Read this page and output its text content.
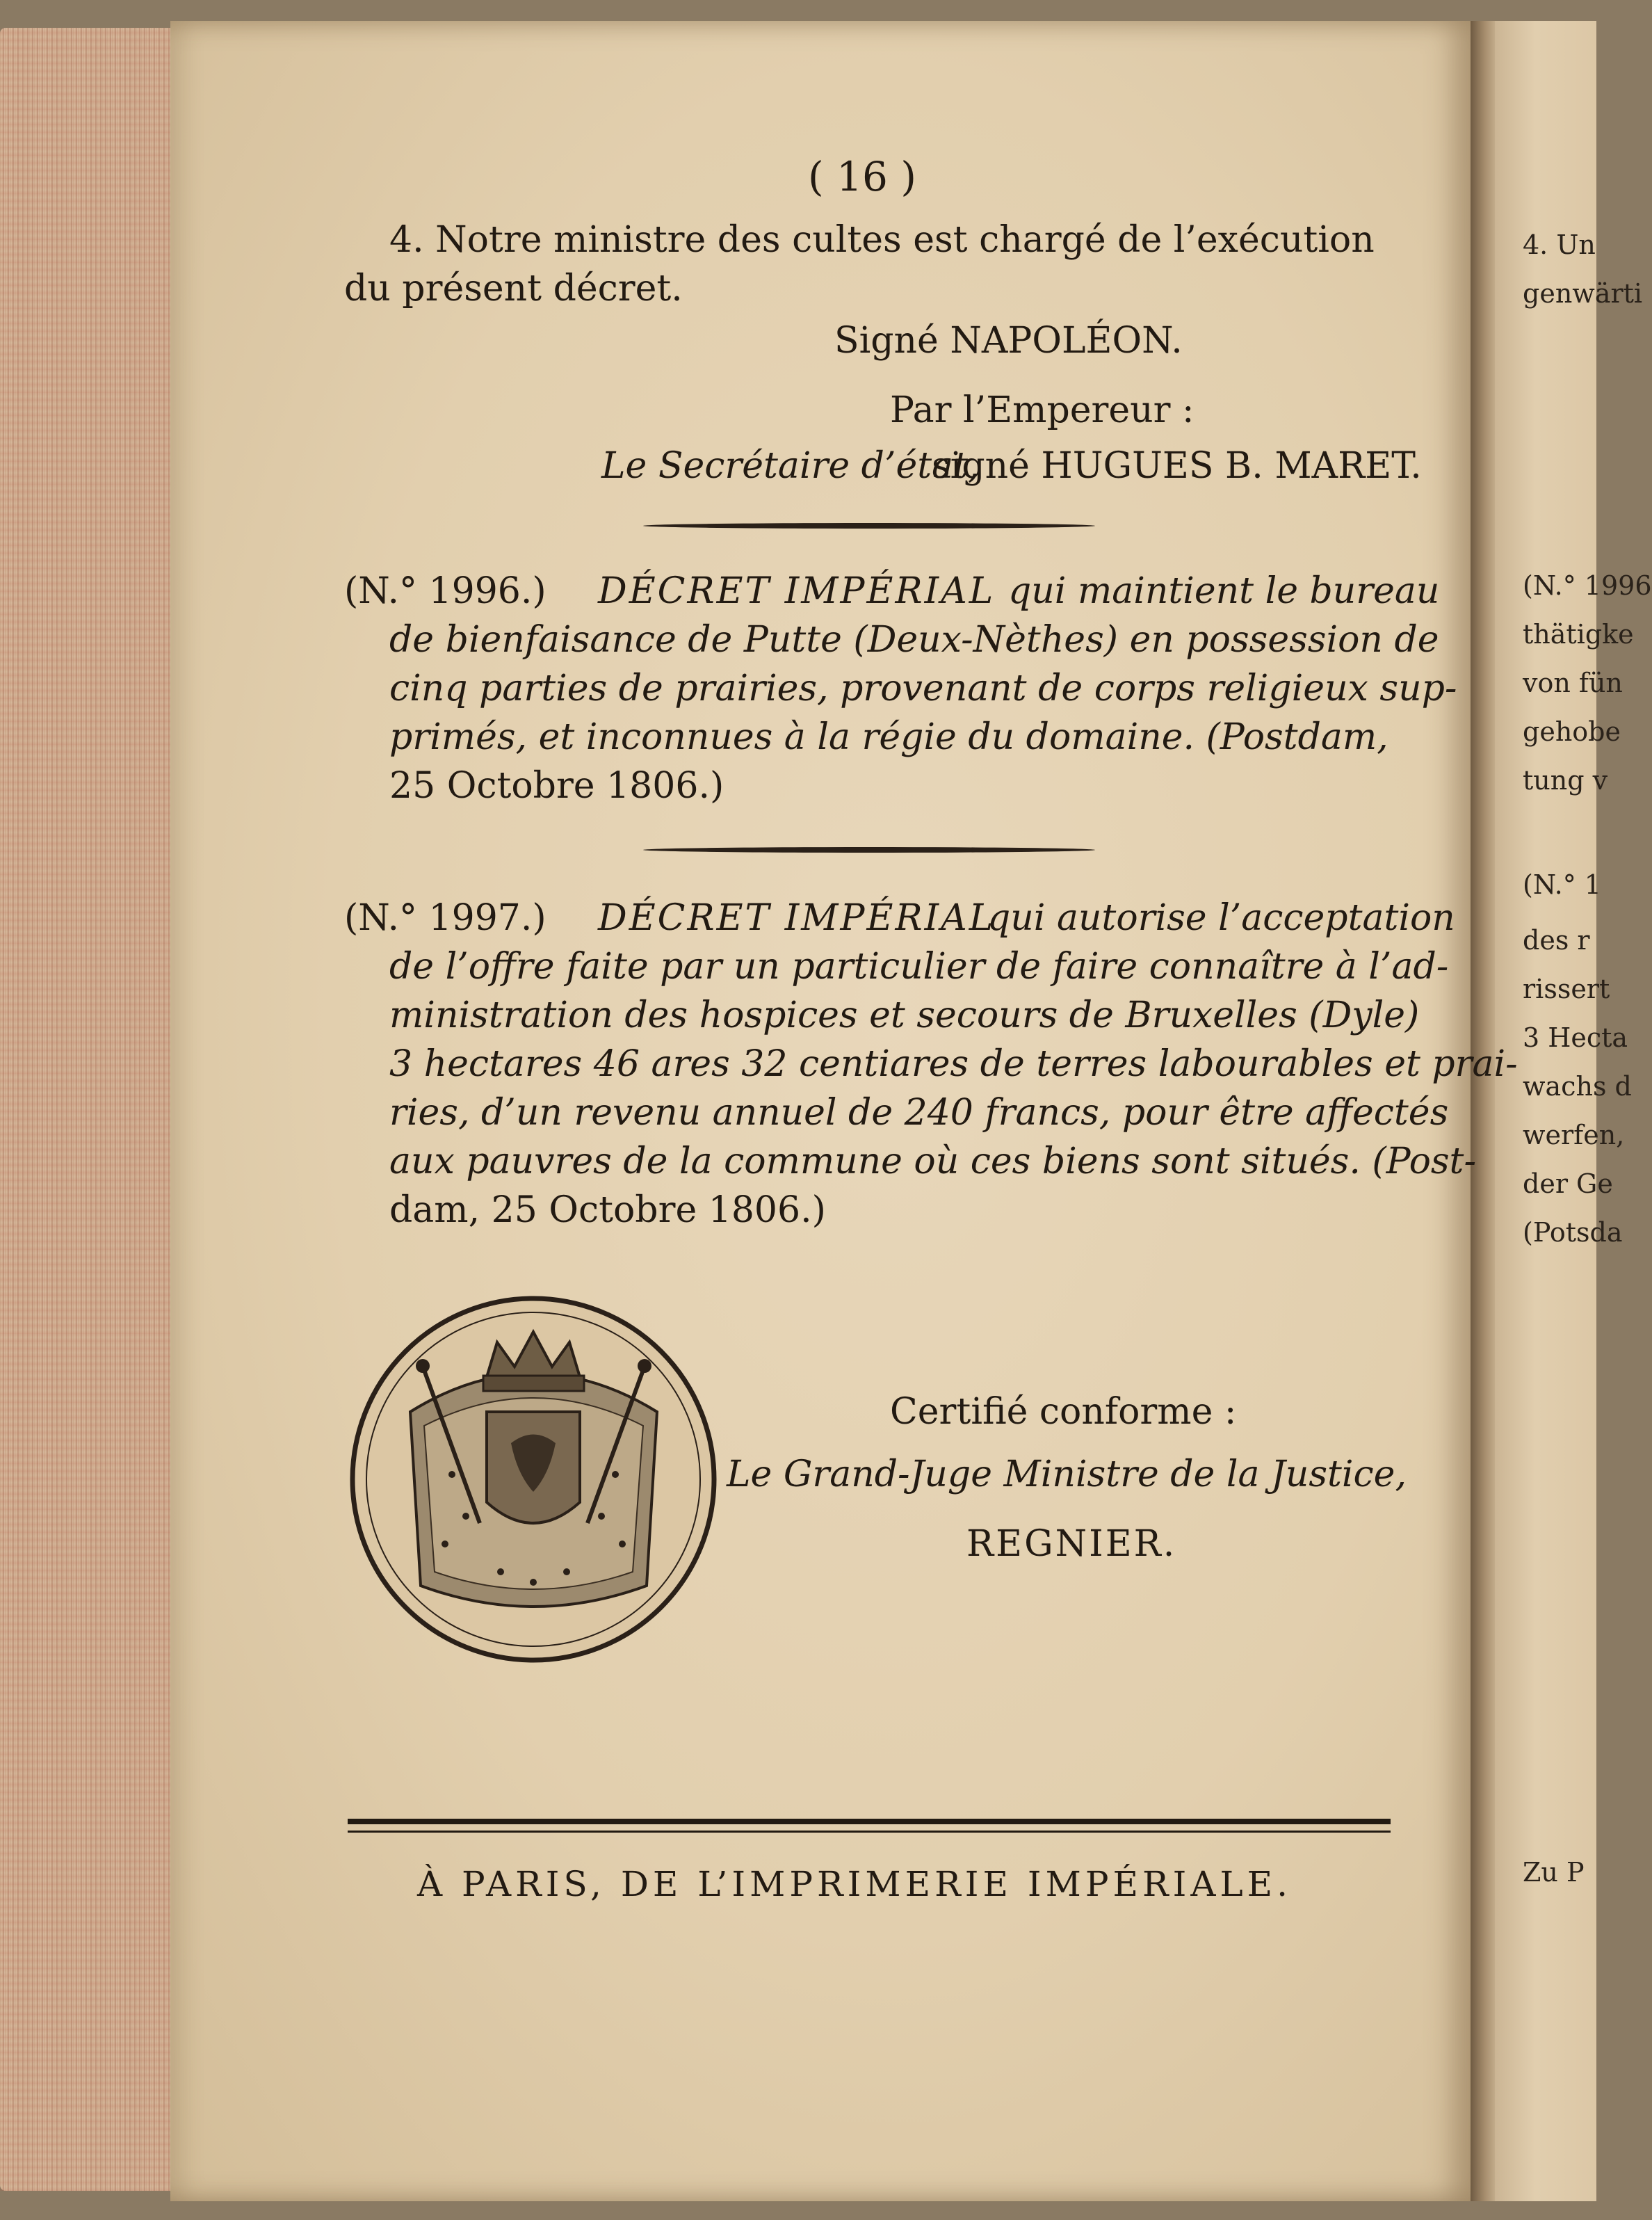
4. Un
genwärti
(N.° 1996
thätigke
von fün
gehobe
tung v
(N.° 1
des r
rissert
3 Hecta
wachs d
werfen,
der Ge
(Potsda
Zu P
( 16 )
4. Notre ministre des cultes est chargé de l’exécution
du présent décret.
Signé NAPOLÉON.
Par l’Empereur :
Le Secrétaire d’état,
signé HUGUES B. MARET.
(N.° 1996.) DÉCRET IMPÉRIAL qui maintient le bureau
de bienfaisance de Putte (Deux-Nèthes) en possession de
cinq parties de prairies, provenant de corps religieux sup-
primés, et inconnues à la régie du domaine. (Postdam,
25 Octobre 1806.)
(N.° 1997.) DÉCRET IMPÉRIAL
qui autorise l’acceptation
de l’offre faite par un particulier de faire connaître à l’ad-
ministration des hospices et secours de Bruxelles (Dyle)
3 hectares 46 ares 32 centiares de terres labourables et prai-
ries, d’un revenu annuel de 240 francs, pour être affectés
aux pauvres de la commune où ces biens sont situés. (Post-
dam, 25 Octobre 1806.)
Certifié conforme :
Le Grand-Juge Ministre de la Justice,
REGNIER.
À PARIS, DE L’IMPRIMERIE IMPÉRIALE.
